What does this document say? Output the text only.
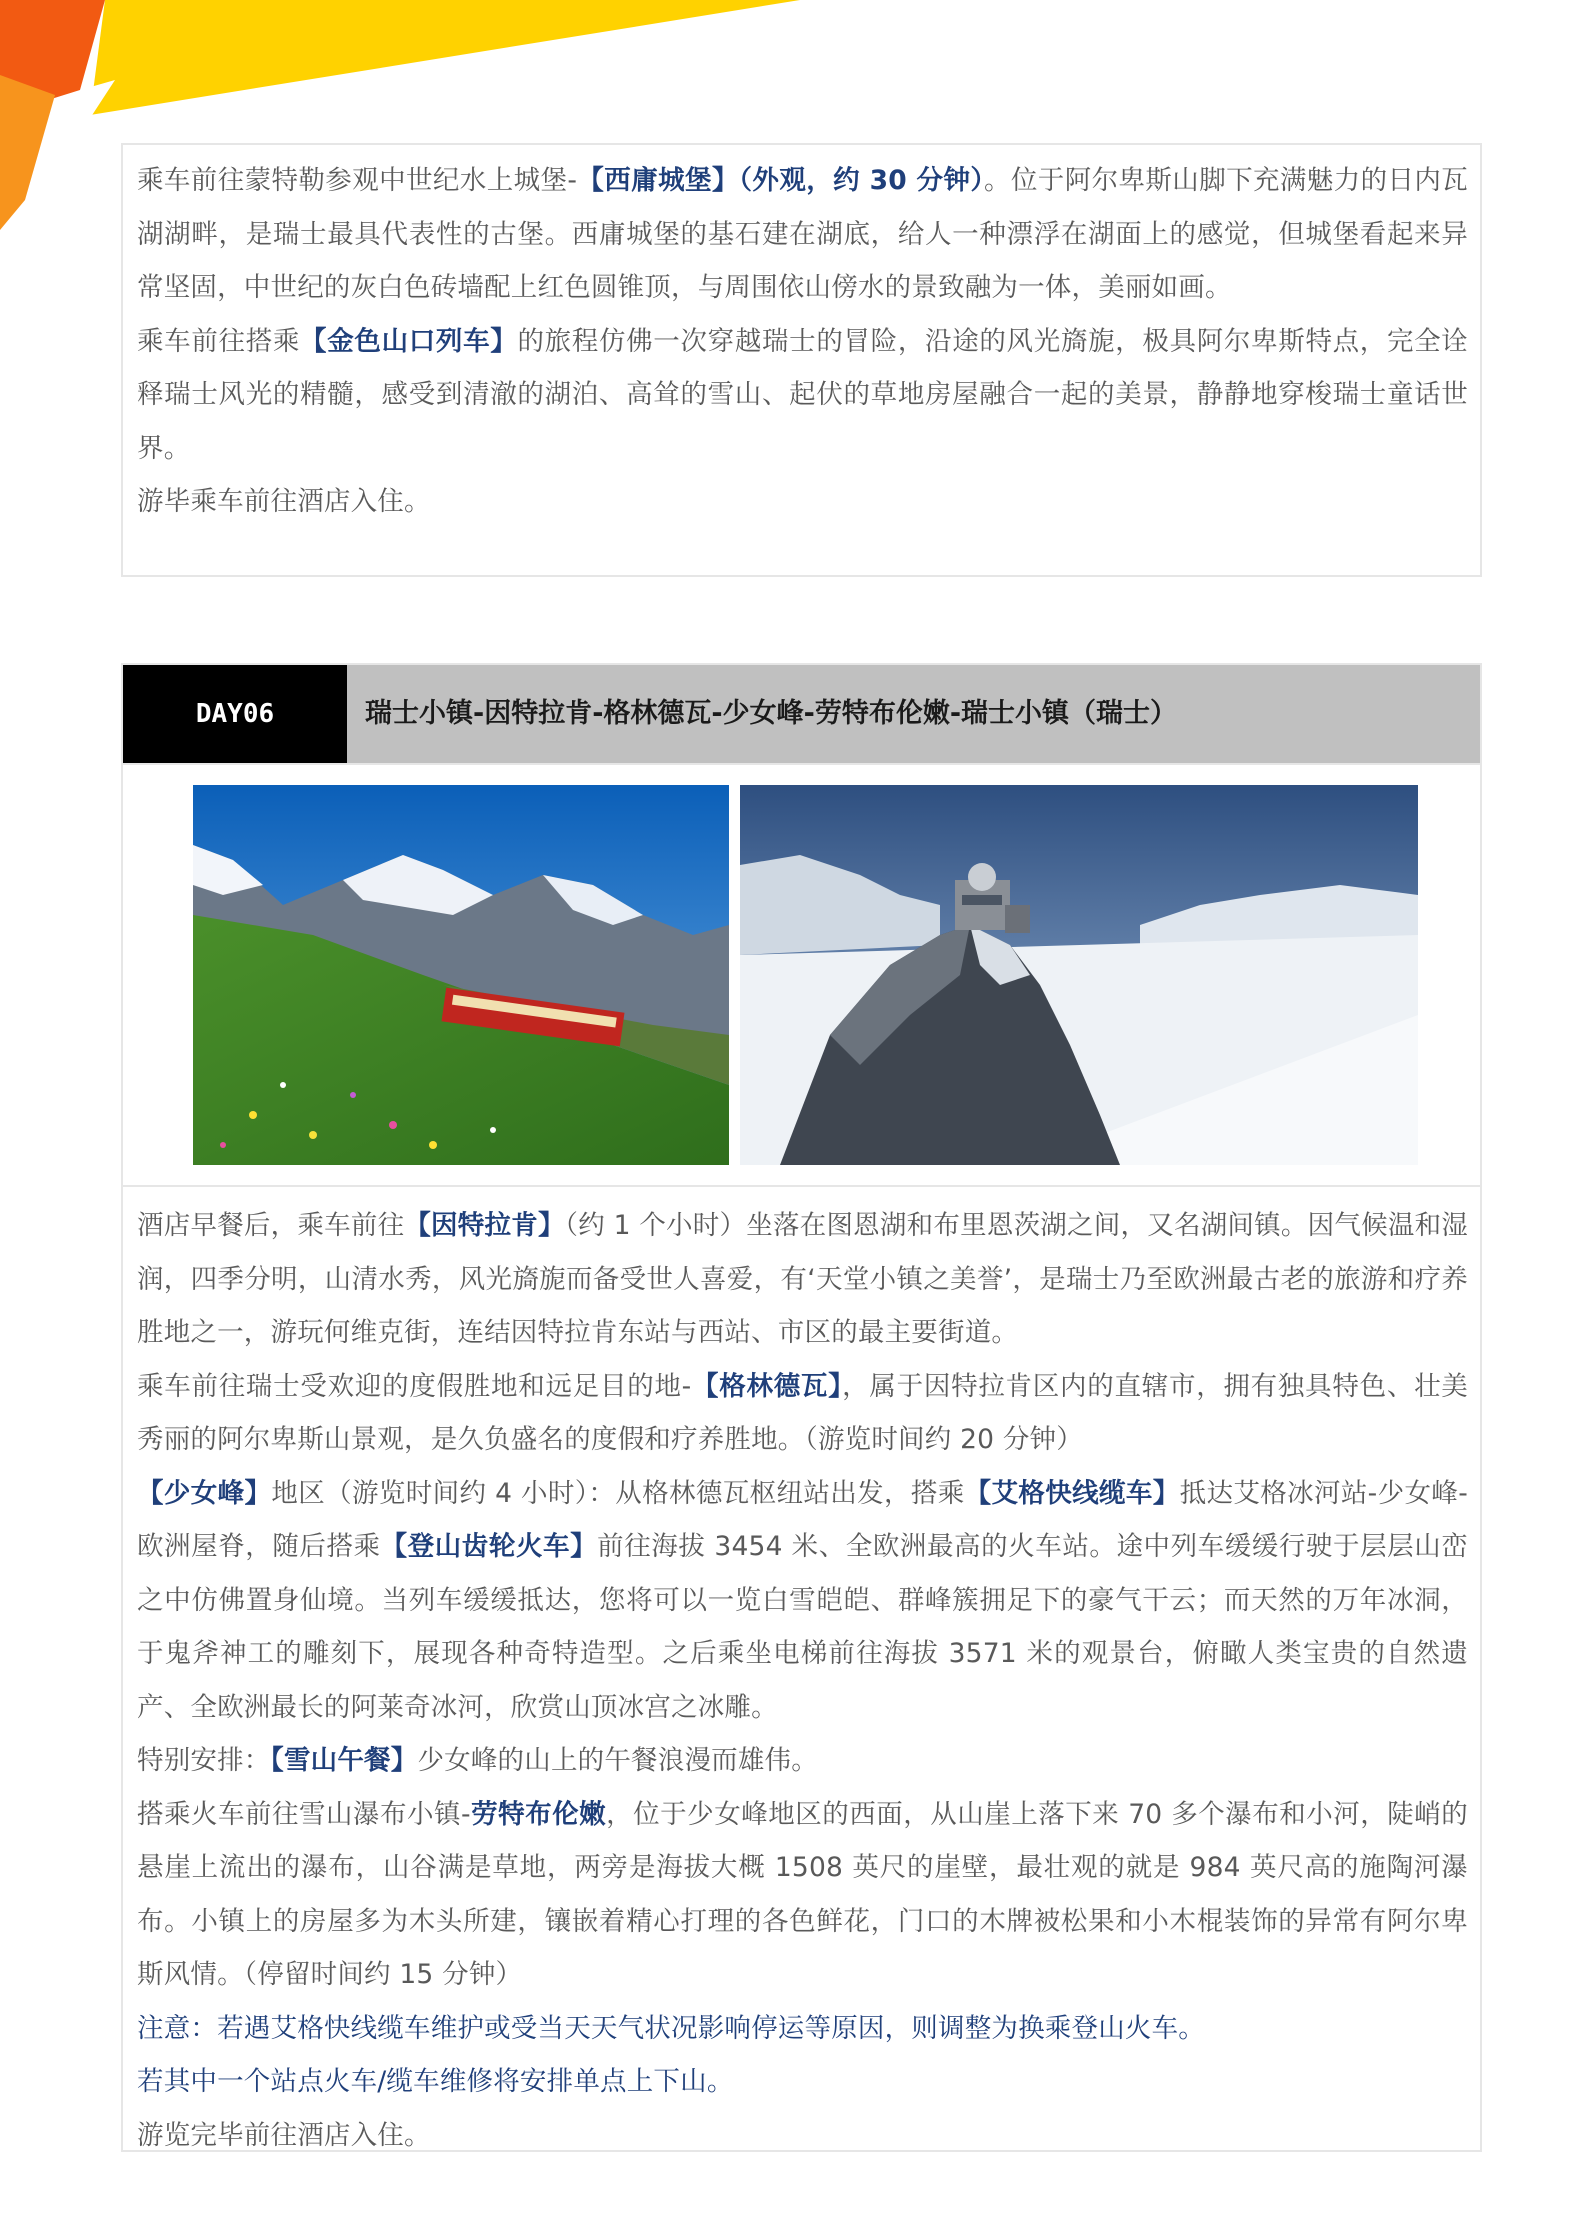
乘车前往蒙特勒参观中世纪水上城堡-【西庸城堡】（外观，约 30 分钟）。位于阿尔卑斯山脚下充满魅力的日内瓦湖湖畔，是瑞士最具代表性的古堡。西庸城堡的基石建在湖底，给人一种漂浮在湖面上的感觉，但城堡看起来异常坚固，中世纪的灰白色砖墙配上红色圆锥顶，与周围依山傍水的景致融为一体，美丽如画。

乘车前往搭乘【金色山口列车】的旅程仿佛一次穿越瑞士的冒险，沿途的风光旖旎，极具阿尔卑斯特点，完全诠释瑞士风光的精髓，感受到清澈的湖泊、高耸的雪山、起伏的草地房屋融合一起的美景，静静地穿梭瑞士童话世界。

游毕乘车前往酒店入住。

DAY06	瑞士小镇-因特拉肯-格林德瓦-少女峰-劳特布伦嫩-瑞士小镇（瑞士）

酒店早餐后，乘车前往【因特拉肯】（约 1 个小时）坐落在图恩湖和布里恩茨湖之间，又名湖间镇。因气候温和湿润，四季分明，山清水秀，风光旖旎而备受世人喜爱，有‘天堂小镇之美誉’，是瑞士乃至欧洲最古老的旅游和疗养胜地之一，游玩何维克街，连结因特拉肯东站与西站、市区的最主要街道。

乘车前往瑞士受欢迎的度假胜地和远足目的地-【格林德瓦】，属于因特拉肯区内的直辖市，拥有独具特色、壮美秀丽的阿尔卑斯山景观，是久负盛名的度假和疗养胜地。（游览时间约 20 分钟）

【少女峰】地区（游览时间约 4 小时）：从格林德瓦枢纽站出发，搭乘【艾格快线缆车】抵达艾格冰河站-少女峰-欧洲屋脊，随后搭乘【登山齿轮火车】前往海拔 3454 米、全欧洲最高的火车站。途中列车缓缓行驶于层层山峦之中仿佛置身仙境。当列车缓缓抵达，您将可以一览白雪皑皑、群峰簇拥足下的豪气干云；而天然的万年冰洞，于鬼斧神工的雕刻下，展现各种奇特造型。之后乘坐电梯前往海拔 3571 米的观景台，俯瞰人类宝贵的自然遗产、全欧洲最长的阿莱奇冰河，欣赏山顶冰宫之冰雕。

特别安排：【雪山午餐】少女峰的山上的午餐浪漫而雄伟。

搭乘火车前往雪山瀑布小镇-劳特布伦嫩，位于少女峰地区的西面，从山崖上落下来 70 多个瀑布和小河，陡峭的悬崖上流出的瀑布，山谷满是草地，两旁是海拔大概 1508 英尺的崖壁，最壮观的就是 984 英尺高的施陶河瀑布。小镇上的房屋多为木头所建，镶嵌着精心打理的各色鲜花，门口的木牌被松果和小木棍装饰的异常有阿尔卑斯风情。（停留时间约 15 分钟）

注意：若遇艾格快线缆车维护或受当天天气状况影响停运等原因，则调整为换乘登山火车。

若其中一个站点火车/缆车维修将安排单点上下山。

游览完毕前往酒店入住。
